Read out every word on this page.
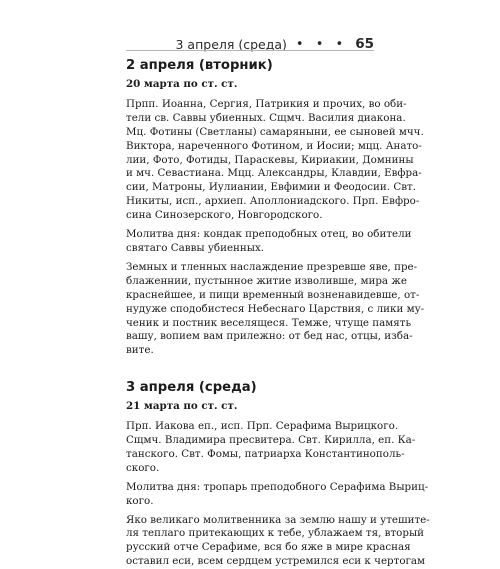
3 апреля (среда) • • • 65
2 апреля (вторник)

20 марта по ст. ст.

Прпп. Иоанна, Сергия, Патрикия и прочих, во оби-
тели св. Саввы убиенных. Сщмч. Василия диакона.
Мц. Фотины (Светланы) самаряныни, ее сыновей мчч.
Виктора, нареченного Фотином, и Иосии; мцц. Анато-
лии, Фото, Фотиды, Параскевы, Кириакии, Домнины
и мч. Севастиана. Мцц. Александры, Клавдии, Евфра-
сии, Матроны, Иулиании, Евфимии и Феодосии. Свт.
Никиты, исп., архиеп. Аполлониадского. Прп. Евфро-
сина Синозерского, Новгородского.
Молитва дня: кондак преподобных отец, во обители
святаго Саввы убиенных.
Земных и тленных наслаждение презревше яве, пре-
блаженнии, пустынное житие изволивше, мира же
краснейшее, и пищи временный возненавидевше, от-
нудуже сподобистеся Небеснаго Царствия, с лики му-
ченик и постник веселящеся. Темже, чтуще память
вашу, вопием вам прилежно: от бед нас, отцы, изба-
вите.
3 апреля (среда)

21 марта по ст. ст.

Прп. Иакова еп., исп. Прп. Серафима Вырицкого.
Сщмч. Владимира пресвитера. Свт. Кирилла, еп. Ка-
танского. Свт. Фомы, патриарха Константинополь-
ского.
Молитва дня: тропарь преподобного Серафима Выриц-
кого.
Яко великаго молитвенника за землю нашу и утешите-
ля теплаго притекающих к тебе, ублажаем тя, вторый
русский отче Серафиме, вся бо яже в мире красная
оставил еси, всем сердцем устремился еси к чертогам
